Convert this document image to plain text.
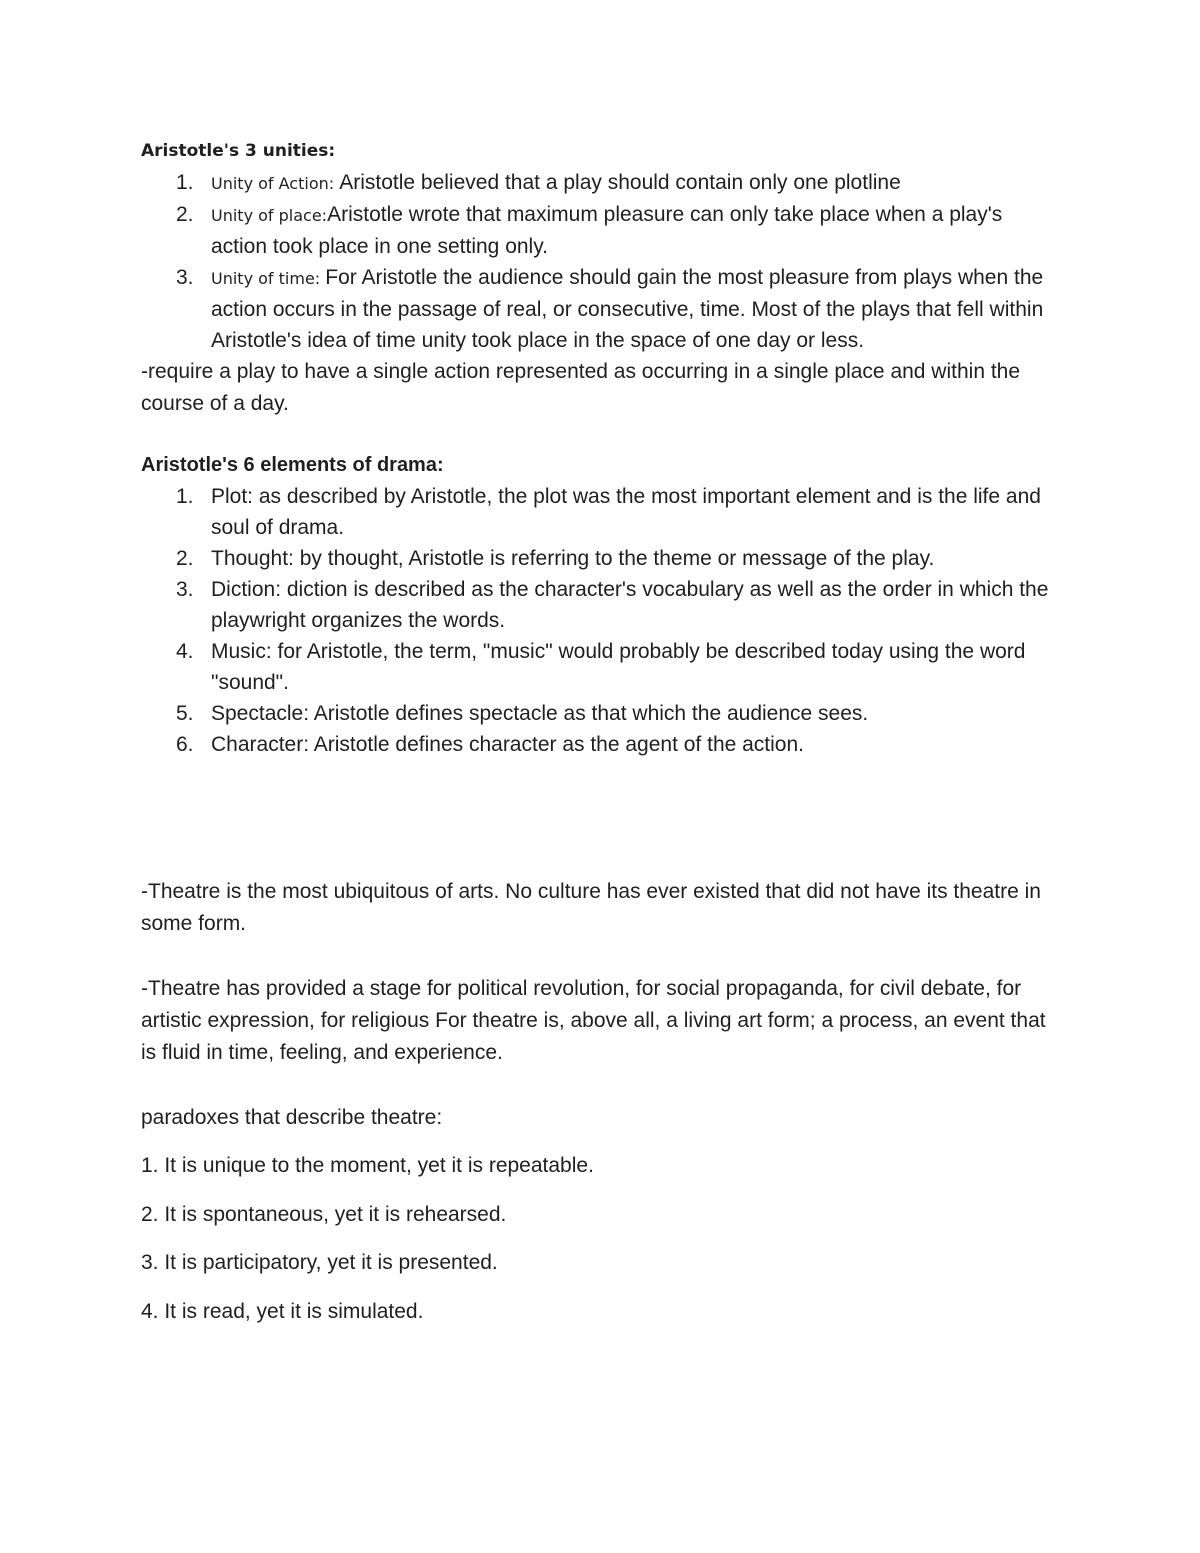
Aristotle's 3 unities:

1. Unity of Action: Aristotle believed that a play should contain only one plotline
2. Unity of place:Aristotle wrote that maximum pleasure can only take place when a play's action took place in one setting only.
3. Unity of time: For Aristotle the audience should gain the most pleasure from plays when the action occurs in the passage of real, or consecutive, time. Most of the plays that fell within Aristotle's idea of time unity took place in the space of one day or less.

-require a play to have a single action represented as occurring in a single place and within the course of a day.

Aristotle's 6 elements of drama:

1. Plot: as described by Aristotle, the plot was the most important element and is the life and soul of drama.
2. Thought: by thought, Aristotle is referring to the theme or message of the play.
3. Diction: diction is described as the character's vocabulary as well as the order in which the playwright organizes the words.
4. Music: for Aristotle, the term, "music" would probably be described today using the word "sound".
5. Spectacle: Aristotle defines spectacle as that which the audience sees.
6. Character: Aristotle defines character as the agent of the action.

-Theatre is the most ubiquitous of arts. No culture has ever existed that did not have its theatre in some form.

-Theatre has provided a stage for political revolution, for social propaganda, for civil debate, for artistic expression, for religious For theatre is, above all, a living art form; a process, an event that is fluid in time, feeling, and experience.

paradoxes that describe theatre:

1. It is unique to the moment, yet it is repeatable.

2. It is spontaneous, yet it is rehearsed.

3. It is participatory, yet it is presented.

4. It is read, yet it is simulated.
